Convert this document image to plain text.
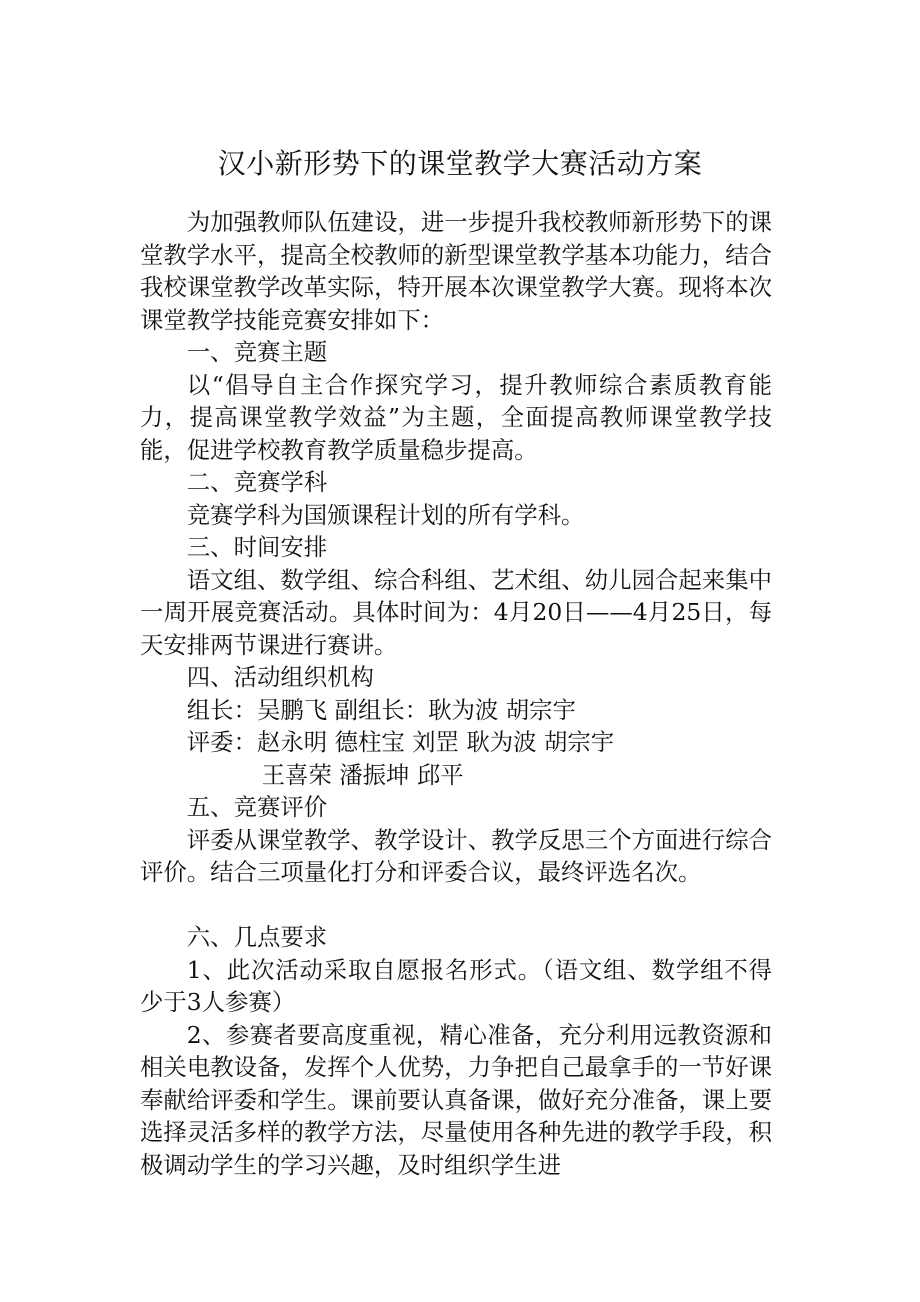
汉小新形势下的课堂教学大赛活动方案

为加强教师队伍建设，进一步提升我校教师新形势下的课堂教学水平，提高全校教师的新型课堂教学基本功能力，结合我校课堂教学改革实际，特开展本次课堂教学大赛。现将本次课堂教学技能竞赛安排如下：

一、竞赛主题

以“倡导自主合作探究学习，提升教师综合素质教育能力，提高课堂教学效益”为主题，全面提高教师课堂教学技能，促进学校教育教学质量稳步提高。

二、竞赛学科

竞赛学科为国颁课程计划的所有学科。

三、时间安排

语文组、数学组、综合科组、艺术组、幼儿园合起来集中一周开展竞赛活动。具体时间为：4月20日——4月25日，每天安排两节课进行赛讲。

四、活动组织机构

组长：吴鹏飞 副组长：耿为波 胡宗宇

评委：赵永明 德柱宝 刘罡 耿为波 胡宗宇

王喜荣 潘振坤 邱平

五、竞赛评价

评委从课堂教学、教学设计、教学反思三个方面进行综合评价。结合三项量化打分和评委合议，最终评选名次。

六、几点要求

1、此次活动采取自愿报名形式。（语文组、数学组不得少于3人参赛）

2、参赛者要高度重视，精心准备，充分利用远教资源和相关电教设备，发挥个人优势，力争把自己最拿手的一节好课奉献给评委和学生。课前要认真备课，做好充分准备，课上要选择灵活多样的教学方法，尽量使用各种先进的教学手段，积极调动学生的学习兴趣，及时组织学生进
